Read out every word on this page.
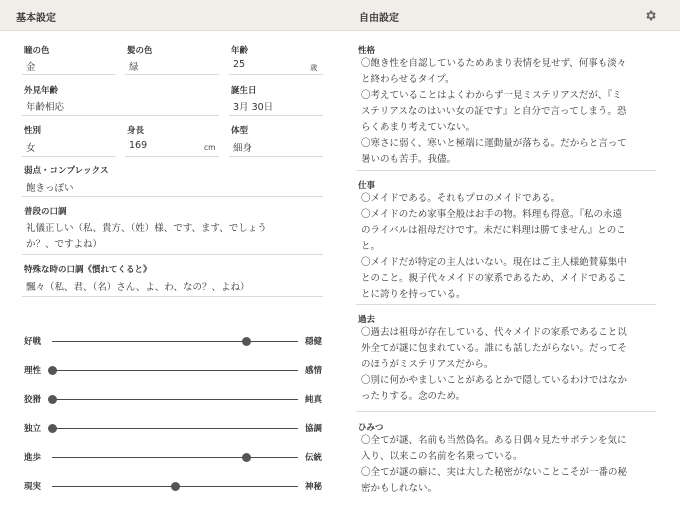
基本設定	自由設定
瞳の色
金
髪の色
緑
年齢
25	歳
外見年齢
年齢相応
誕生日
3月 30日
性別
女
身長
169	cm
体型
細身
弱点・コンプレックス
飽きっぽい
普段の口調
礼儀正しい（私、貴方、（姓）様、です、ます、でしょう
か？、ですよね）
特殊な時の口調《慣れてくると》
飄々（私、君、（名）さん、よ、わ、なの？、よね）
好戦	穏健
理性	感情
狡猾	純真
独立	協調
進歩	伝統
現実	神秘
性格
〇飽き性を自認しているためあまり表情を見せず、何事も淡々
と終わらせるタイプ。
〇考えていることはよくわからず一見ミステリアスだが、『ミ
ステリアスなのはいい女の証です』と自分で言ってしまう。恐
らくあまり考えていない。
〇寒さに弱く、寒いと極端に運動量が落ちる。だからと言って
暑いのも苦手。我儘。
仕事
〇メイドである。それもプロのメイドである。
〇メイドのため家事全般はお手の物。料理も得意。『私の永遠
のライバルは祖母だけです。未だに料理は勝てません』とのこ
と。
〇メイドだが特定の主人はいない。現在はご主人様絶賛募集中
とのこと。親子代々メイドの家系であるため、メイドであるこ
とに誇りを持っている。
過去
〇過去は祖母が存在している、代々メイドの家系であること以
外全てが謎に包まれている。誰にも話したがらない。だってそ
のほうがミステリアスだから。
〇別に何かやましいことがあるとかで隠しているわけではなか
ったりする。念のため。
ひみつ
〇全てが謎、名前も当然偽名。ある日偶々見たサボテンを気に
入り、以来この名前を名乗っている。
〇全てが謎の癖に、実は大した秘密がないことこそが一番の秘
密かもしれない。
